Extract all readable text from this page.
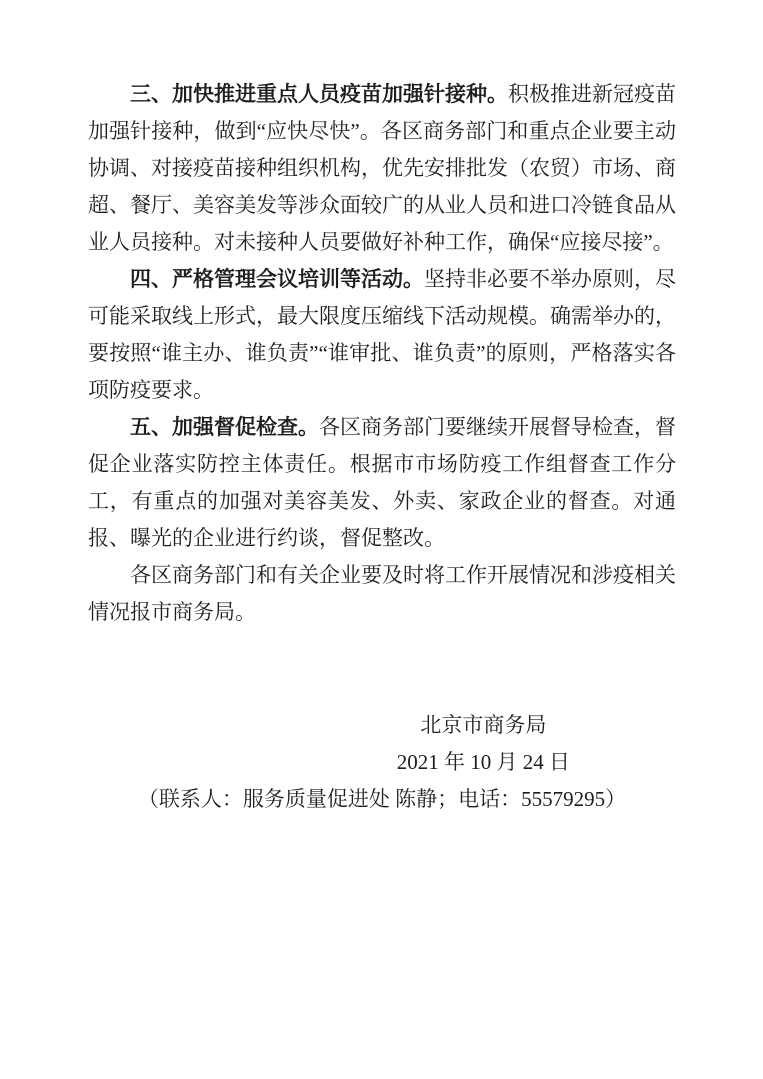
三、加快推进重点人员疫苗加强针接种。积极推进新冠疫苗加强针接种，做到“应快尽快”。各区商务部门和重点企业要主动协调、对接疫苗接种组织机构，优先安排批发（农贸）市场、商超、餐厅、美容美发等涉众面较广的从业人员和进口冷链食品从业人员接种。对未接种人员要做好补种工作，确保“应接尽接”。

四、严格管理会议培训等活动。坚持非必要不举办原则，尽可能采取线上形式，最大限度压缩线下活动规模。确需举办的，要按照“谁主办、谁负责”“谁审批、谁负责”的原则，严格落实各项防疫要求。

五、加强督促检查。各区商务部门要继续开展督导检查，督促企业落实防控主体责任。根据市市场防疫工作组督查工作分工，有重点的加强对美容美发、外卖、家政企业的督查。对通报、曝光的企业进行约谈，督促整改。

各区商务部门和有关企业要及时将工作开展情况和涉疫相关情况报市商务局。

北京市商务局
2021 年 10 月 24 日
（联系人：服务质量促进处 陈静；电话：55579295）
